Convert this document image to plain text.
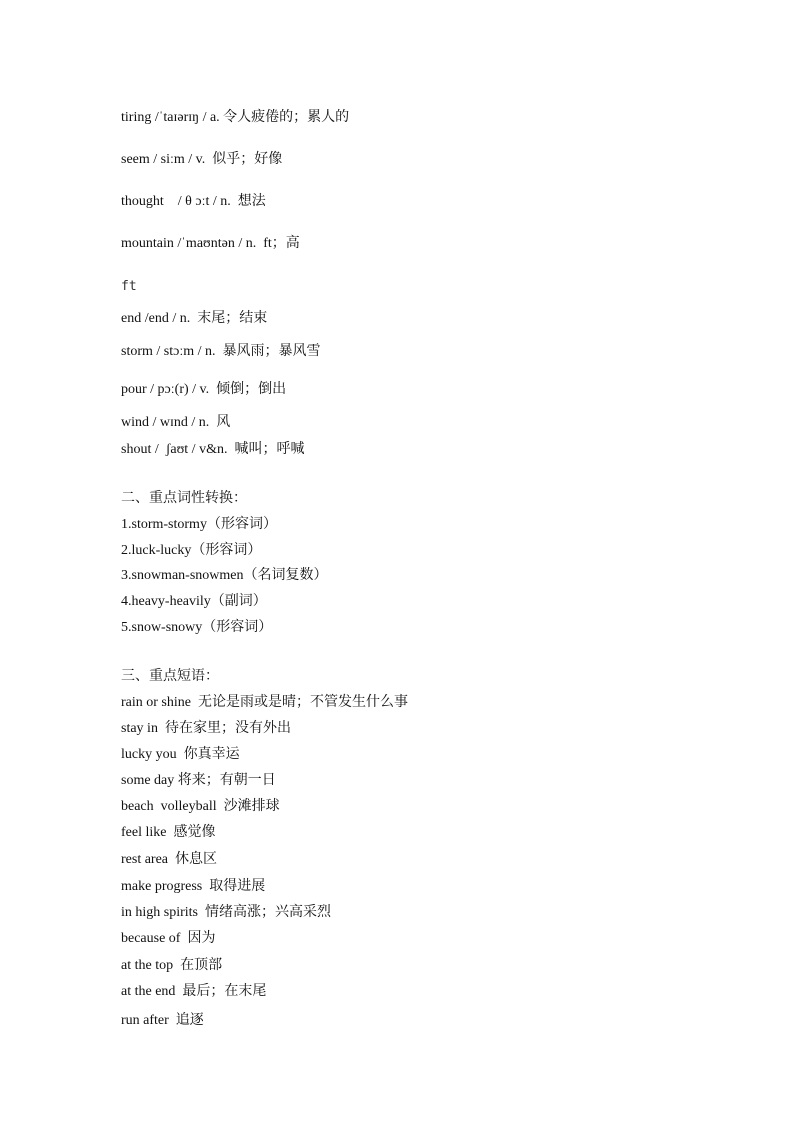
tiring /ˈtaɪərɪŋ / a. 令人疲倦的；累人的

seem / siːm / v.  似乎；好像

thought    / θ ɔːt / n.  想法

mountain /ˈmaʊntən / n.  ft；高

ft

end /end / n.  末尾；结束

storm / stɔːm / n.  暴风雨；暴风雪

pour / pɔː(r) / v.  倾倒；倒出

wind / wɪnd / n.  风

shout /  ʃaʊt / v&n.  喊叫；呼喊

二、重点词性转换：

1.storm-stormy（形容词）

2.luck-lucky（形容词）

3.snowman-snowmen（名词复数）

4.heavy-heavily（副词）

5.snow-snowy（形容词）

三、重点短语：

rain or shine  无论是雨或是晴；不管发生什么事

stay in  待在家里；没有外出

lucky you  你真幸运

some day 将来；有朝一日

beach  volleyball  沙滩排球

feel like  感觉像

rest area  休息区

make progress  取得进展

in high spirits  情绪高涨；兴高采烈

because of  因为

at the top  在顶部

at the end  最后；在末尾

run after  追逐
